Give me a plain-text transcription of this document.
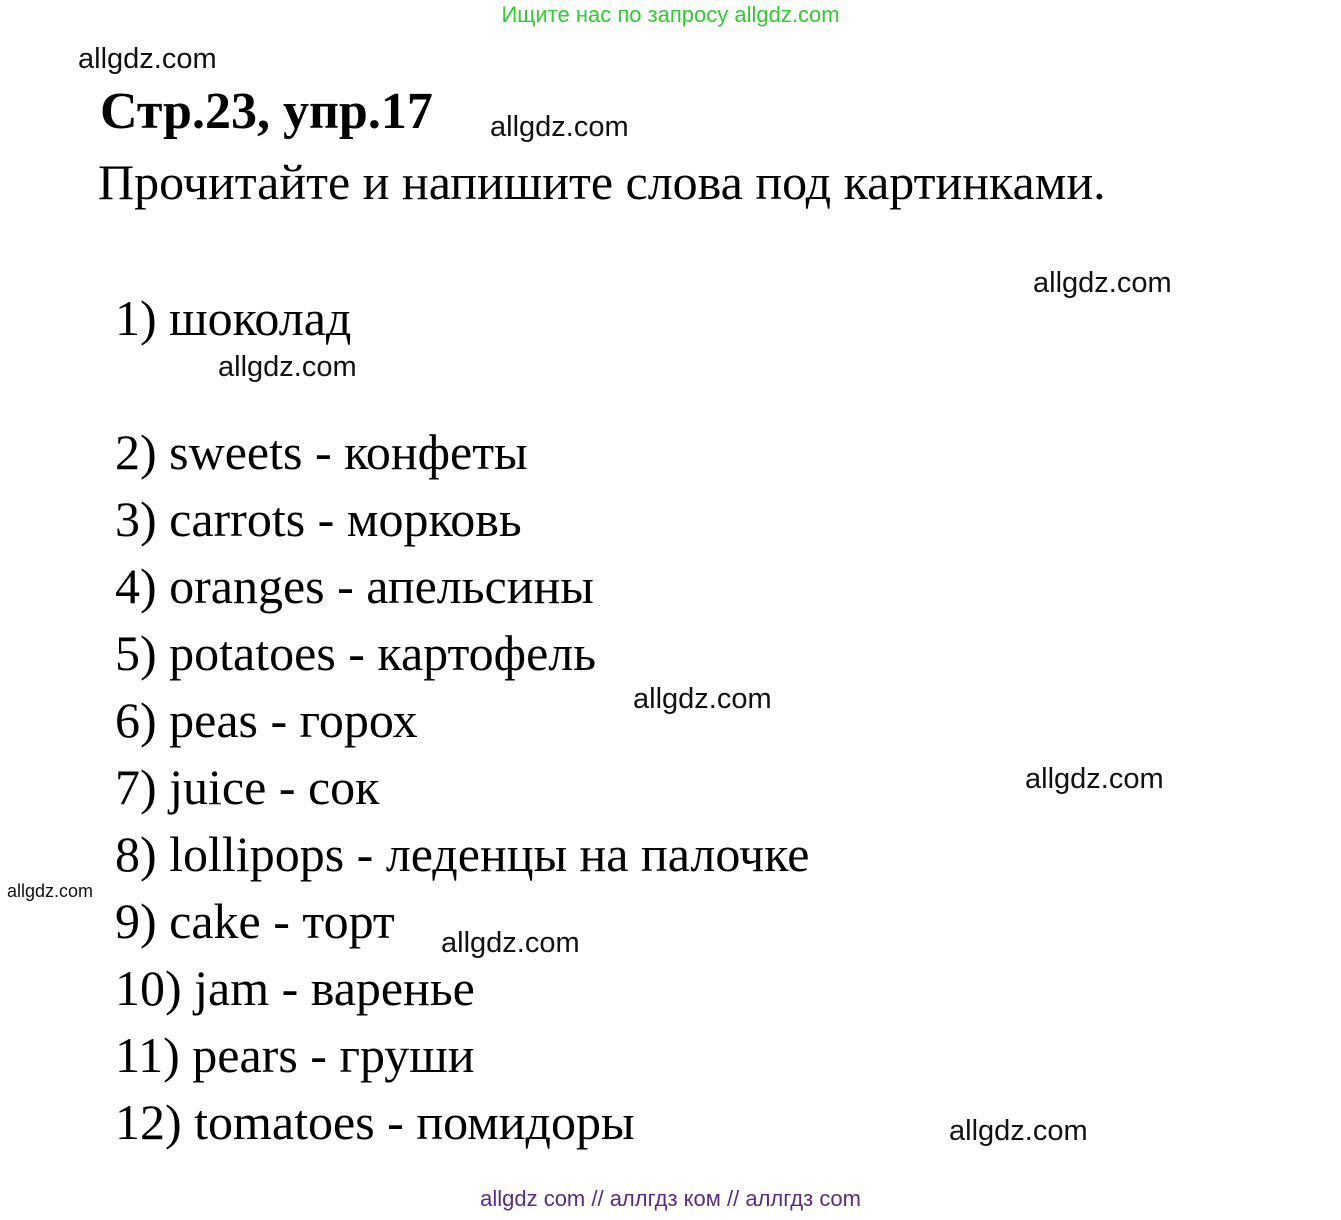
Ищите нас по запросу allgdz.com
allgdz.com
Стр.23, упр.17 allgdz.com
Прочитайте и напишите слова под картинками.
allgdz.com
1) шоколад
allgdz.com
2) sweets - конфеты
3) carrots - морковь
4) oranges - апельсины
5) potatoes - картофель
6) peas - горох	allgdz.com
7) juice - сок	allgdz.com
8) lollipops - леденцы на палочке
allgdz.com
9) cake - торт allgdz.com
10) jam - варенье
11) pears - груши
12) tomatoes - помидоры	allgdz.com
allgdz com // аллгдз ком // аллгдз com
